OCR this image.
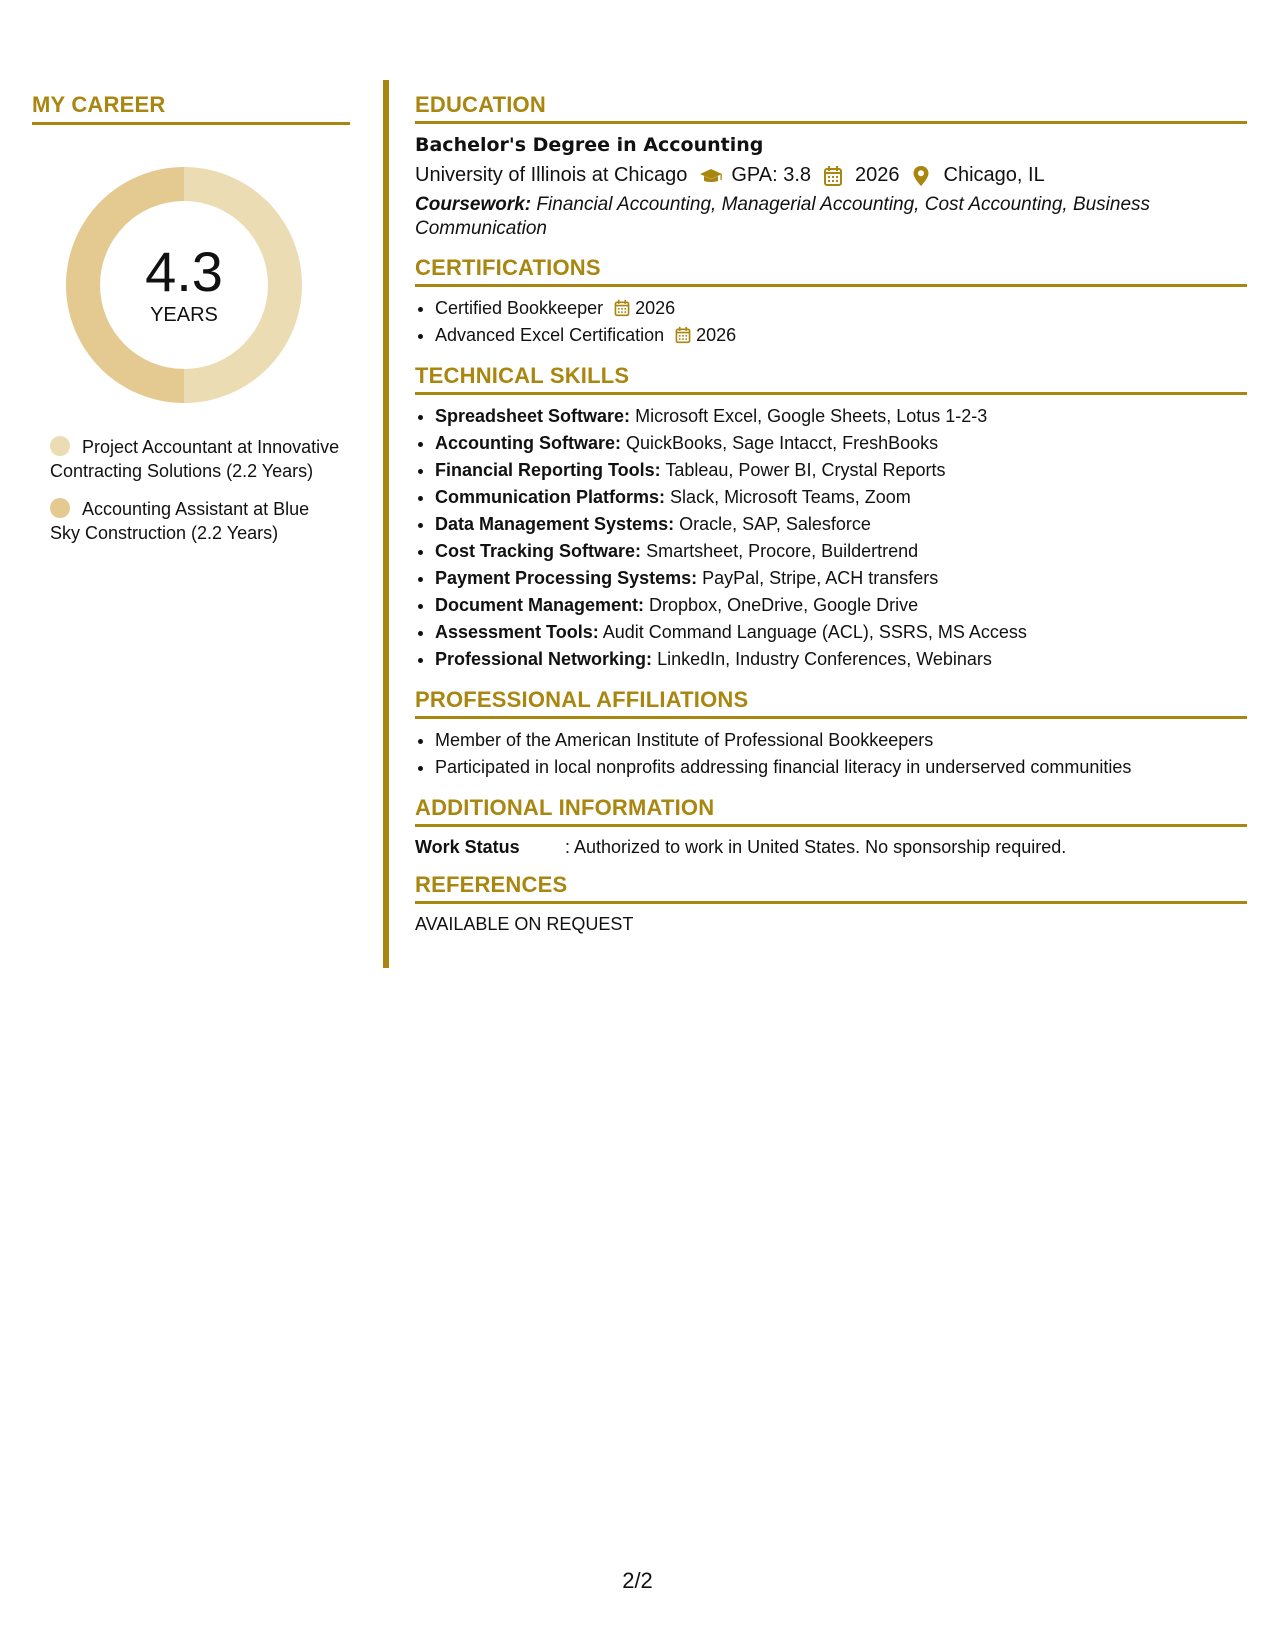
MY CAREER
4.3
YEARS
Project Accountant at Innovative Contracting Solutions (2.2 Years)
Accounting Assistant at Blue Sky Construction (2.2 Years)
EDUCATION
Bachelor's Degree in Accounting
University of Illinois at Chicago GPA: 3.8 2026 Chicago, IL
Coursework: Financial Accounting, Managerial Accounting, Cost Accounting, Business Communication
CERTIFICATIONS
• Certified Bookkeeper 2026
• Advanced Excel Certification 2026
TECHNICAL SKILLS
• Spreadsheet Software: Microsoft Excel, Google Sheets, Lotus 1-2-3
• Accounting Software: QuickBooks, Sage Intacct, FreshBooks
• Financial Reporting Tools: Tableau, Power BI, Crystal Reports
• Communication Platforms: Slack, Microsoft Teams, Zoom
• Data Management Systems: Oracle, SAP, Salesforce
• Cost Tracking Software: Smartsheet, Procore, Buildertrend
• Payment Processing Systems: PayPal, Stripe, ACH transfers
• Document Management: Dropbox, OneDrive, Google Drive
• Assessment Tools: Audit Command Language (ACL), SSRS, MS Access
• Professional Networking: LinkedIn, Industry Conferences, Webinars
PROFESSIONAL AFFILIATIONS
• Member of the American Institute of Professional Bookkeepers
• Participated in local nonprofits addressing financial literacy in underserved communities
ADDITIONAL INFORMATION
Work Status	: Authorized to work in United States. No sponsorship required.
REFERENCES
AVAILABLE ON REQUEST
2/2
